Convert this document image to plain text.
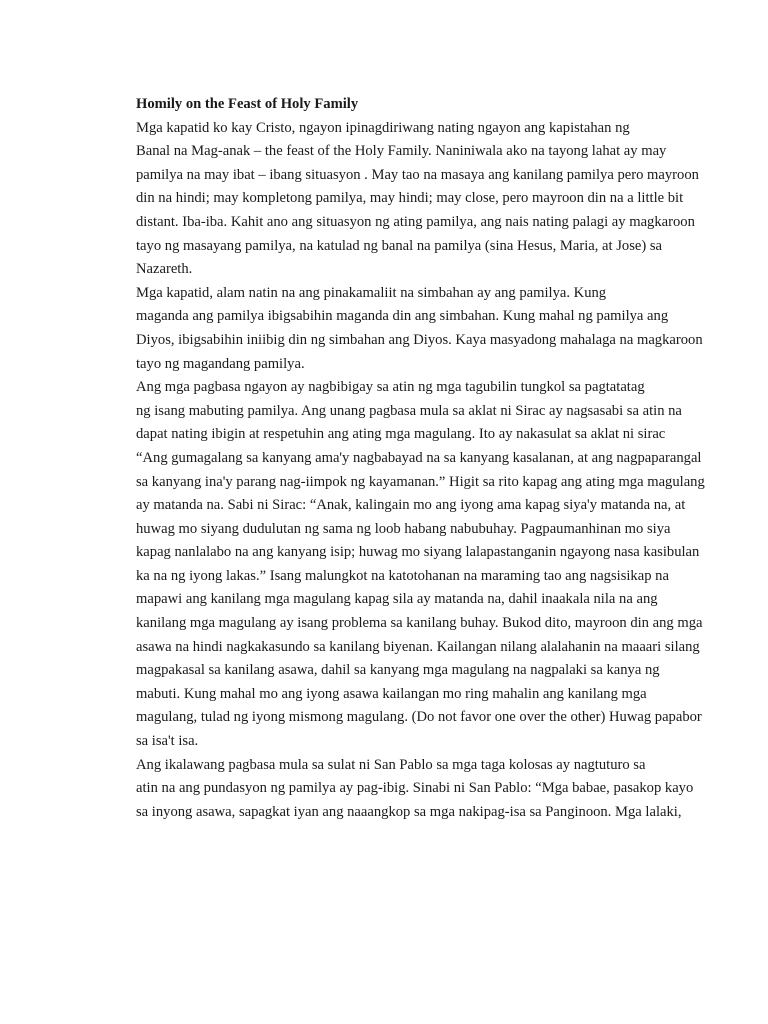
Homily on the Feast of Holy Family

Mga kapatid ko kay Cristo, ngayon ipinagdiriwang nating ngayon ang kapistahan ng
Banal na Mag-anak – the feast of the Holy Family. Naniniwala ako na tayong lahat ay may
pamilya na may ibat – ibang situasyon . May tao na masaya ang kanilang pamilya pero mayroon
din na hindi; may kompletong pamilya, may hindi; may close, pero mayroon din na a little bit
distant. Iba-iba. Kahit ano ang situasyon ng ating pamilya, ang nais nating palagi ay magkaroon
tayo ng masayang pamilya, na katulad ng banal na pamilya (sina Hesus, Maria, at Jose) sa
Nazareth.

Mga kapatid, alam natin na ang pinakamaliit na simbahan ay ang pamilya. Kung
maganda ang pamilya ibigsabihin maganda din ang simbahan. Kung mahal ng pamilya ang
Diyos, ibigsabihin iniibig din ng simbahan ang Diyos. Kaya masyadong mahalaga na magkaroon
tayo ng magandang pamilya.

Ang mga pagbasa ngayon ay nagbibigay sa atin ng mga tagubilin tungkol sa pagtatatag
ng isang mabuting pamilya. Ang unang pagbasa mula sa aklat ni Sirac ay nagsasabi sa atin na
dapat nating ibigin at respetuhin ang ating mga magulang. Ito ay nakasulat sa aklat ni sirac
“Ang gumagalang sa kanyang ama'y nagbabayad na sa kanyang kasalanan, at ang nagpaparangal
sa kanyang ina'y parang nag-iimpok ng kayamanan.” Higit sa rito kapag ang ating mga magulang
ay matanda na. Sabi ni Sirac: “Anak, kalingain mo ang iyong ama kapag siya'y matanda na, at
huwag mo siyang dudulutan ng sama ng loob habang nabubuhay. Pagpaumanhinan mo siya
kapag nanlalabo na ang kanyang isip; huwag mo siyang lalapastanganin ngayong nasa kasibulan
ka na ng iyong lakas.” Isang malungkot na katotohanan na maraming tao ang nagsisikap na
mapawi ang kanilang mga magulang kapag sila ay matanda na, dahil inaakala nila na ang
kanilang mga magulang ay isang problema sa kanilang buhay. Bukod dito, mayroon din ang mga
asawa na hindi nagkakasundo sa kanilang biyenan. Kailangan nilang alalahanin na maaari silang
magpakasal sa kanilang asawa, dahil sa kanyang mga magulang na nagpalaki sa kanya ng
mabuti. Kung mahal mo ang iyong asawa kailangan mo ring mahalin ang kanilang mga
magulang, tulad ng iyong mismong magulang. (Do not favor one over the other) Huwag papabor
sa isa't isa.

Ang ikalawang pagbasa mula sa sulat ni San Pablo sa mga taga kolosas ay nagtuturo sa
atin na ang pundasyon ng pamilya ay pag-ibig. Sinabi ni San Pablo: “Mga babae, pasakop kayo
sa inyong asawa, sapagkat iyan ang naaangkop sa mga nakipag-isa sa Panginoon. Mga lalaki,
